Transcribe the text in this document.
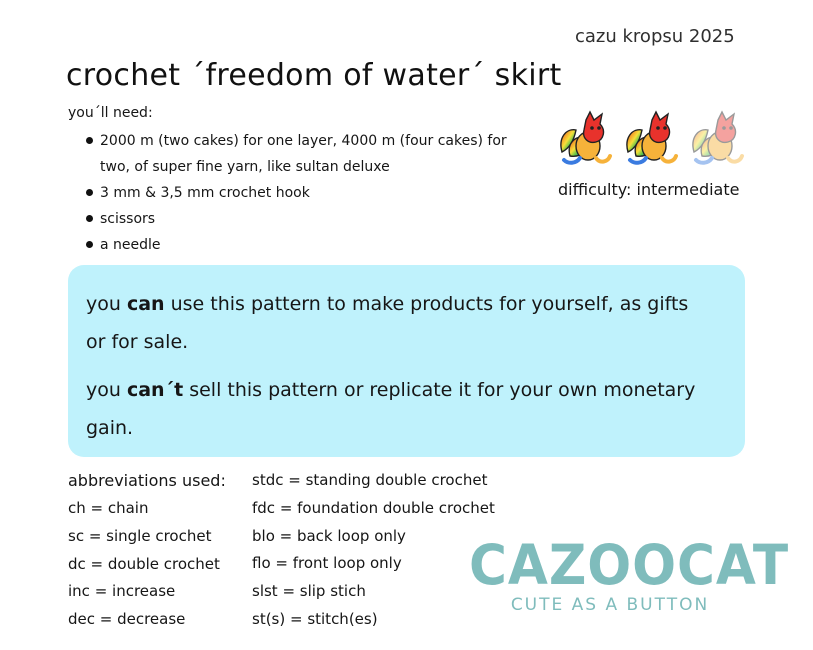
cazu kropsu 2025
crochet ´freedom of water´ skirt
you´ll need:
2000 m (two cakes) for one layer, 4000 m (four cakes) for two, of super fine yarn, like sultan deluxe
3 mm & 3,5 mm crochet hook
scissors
a needle
difficulty: intermediate

you can use this pattern to make products for yourself, as gifts or for sale.

you can´t sell this pattern or replicate it for your own monetary gain.

abbreviations used:
ch = chain
sc = single crochet
dc = double crochet
inc = increase
dec = decrease
stdc = standing double crochet
fdc = foundation double crochet
blo = back loop only
flo = front loop only
slst = slip stich
st(s) = stitch(es)
CAZOOCAT
CUTE AS A BUTTON
